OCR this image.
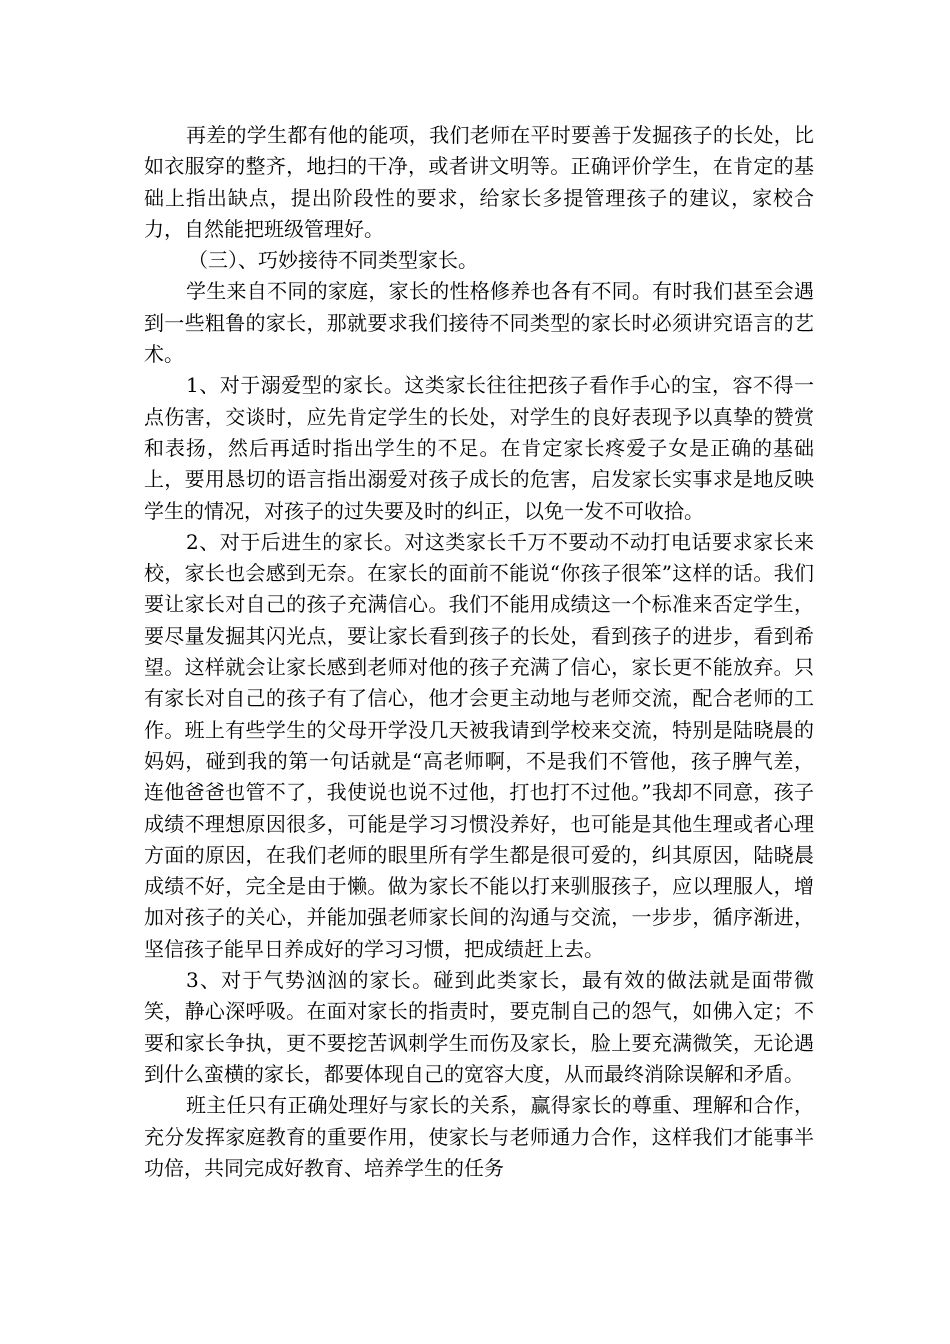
再差的学生都有他的能项，我们老师在平时要善于发掘孩子的长处，比如衣服穿的整齐，地扫的干净，或者讲文明等。正确评价学生，在肯定的基础上指出缺点，提出阶段性的要求，给家长多提管理孩子的建议，家校合力，自然能把班级管理好。

（三）、巧妙接待不同类型家长。

学生来自不同的家庭，家长的性格修养也各有不同。有时我们甚至会遇到一些粗鲁的家长，那就要求我们接待不同类型的家长时必须讲究语言的艺术。

1、对于溺爱型的家长。这类家长往往把孩子看作手心的宝，容不得一点伤害，交谈时，应先肯定学生的长处，对学生的良好表现予以真挚的赞赏和表扬，然后再适时指出学生的不足。在肯定家长疼爱子女是正确的基础上，要用恳切的语言指出溺爱对孩子成长的危害，启发家长实事求是地反映学生的情况，对孩子的过失要及时的纠正，以免一发不可收拾。

2、对于后进生的家长。对这类家长千万不要动不动打电话要求家长来校，家长也会感到无奈。在家长的面前不能说“你孩子很笨”这样的话。我们要让家长对自己的孩子充满信心。我们不能用成绩这一个标准来否定学生，要尽量发掘其闪光点，要让家长看到孩子的长处，看到孩子的进步，看到希望。这样就会让家长感到老师对他的孩子充满了信心，家长更不能放弃。只有家长对自己的孩子有了信心，他才会更主动地与老师交流，配合老师的工作。班上有些学生的父母开学没几天被我请到学校来交流，特别是陆晓晨的妈妈，碰到我的第一句话就是“高老师啊，不是我们不管他，孩子脾气差，连他爸爸也管不了，我使说也说不过他，打也打不过他。”我却不同意，孩子成绩不理想原因很多，可能是学习习惯没养好，也可能是其他生理或者心理方面的原因，在我们老师的眼里所有学生都是很可爱的，纠其原因，陆晓晨成绩不好，完全是由于懒。做为家长不能以打来驯服孩子，应以理服人，增加对孩子的关心，并能加强老师家长间的沟通与交流，一步步，循序渐进，坚信孩子能早日养成好的学习习惯，把成绩赶上去。

3、对于气势汹汹的家长。碰到此类家长，最有效的做法就是面带微笑，静心深呼吸。在面对家长的指责时，要克制自己的怨气，如佛入定；不要和家长争执，更不要挖苦讽刺学生而伤及家长，脸上要充满微笑，无论遇到什么蛮横的家长，都要体现自己的宽容大度，从而最终消除误解和矛盾。

班主任只有正确处理好与家长的关系，赢得家长的尊重、理解和合作，充分发挥家庭教育的重要作用，使家长与老师通力合作，这样我们才能事半功倍，共同完成好教育、培养学生的任务
